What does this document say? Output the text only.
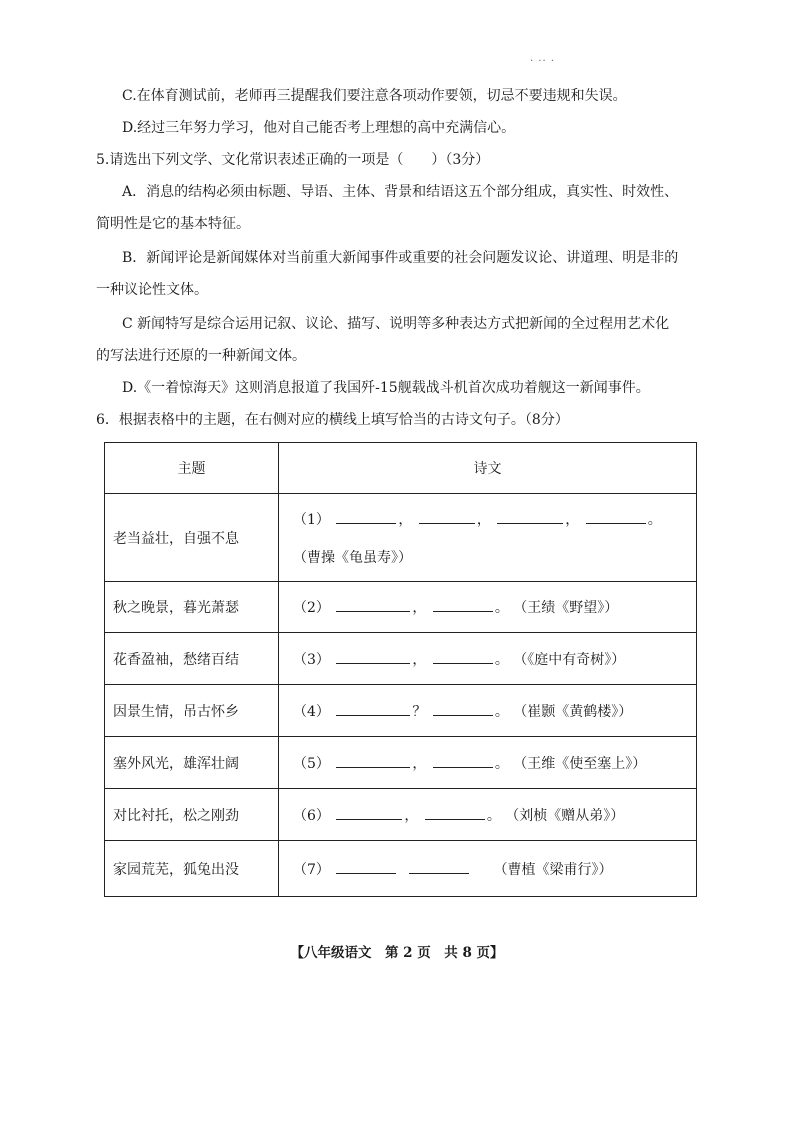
· ·· ·
C.在体育测试前，老师再三提醒我们要注意各项动作要领，切忌不要违规和失误。
D.经过三年努力学习，他对自己能否考上理想的高中充满信心。
5.请选出下列文学、文化常识表述正确的一项是（　　）（3分）
A．消息的结构必须由标题、导语、主体、背景和结语这五个部分组成，真实性、时效性、
简明性是它的基本特征。
B．新闻评论是新闻媒体对当前重大新闻事件或重要的社会问题发议论、讲道理、明是非的
一种议论性文体。
C 新闻特写是综合运用记叙、议论、描写、说明等多种表达方式把新闻的全过程用艺术化
的写法进行还原的一种新闻文体。
D.《一着惊海天》这则消息报道了我国歼-15舰载战斗机首次成功着舰这一新闻事件。
6．根据表格中的主题，在右侧对应的横线上填写恰当的古诗文句子。（8分）
主题	诗文
老当益壮，自强不息	（1） ， ， ， 。
（曹操《龟虽寿》）

秋之晚景，暮光萧瑟	（2） ， 。 （王绩《野望》）
花香盈袖，愁绪百结	（3） ， 。 （《庭中有奇树》）
因景生情，吊古怀乡	（4） ？ 。 （崔颢《黄鹤楼》）
塞外风光，雄浑壮阔	（5） ， 。 （王维《使至塞上》）
对比衬托，松之刚劲	（6） ， 。 （刘桢《赠从弟》）
家园荒芜，狐兔出没	（7） （曹植《梁甫行》）
【八年级语文　第 2 页　共 8 页】
